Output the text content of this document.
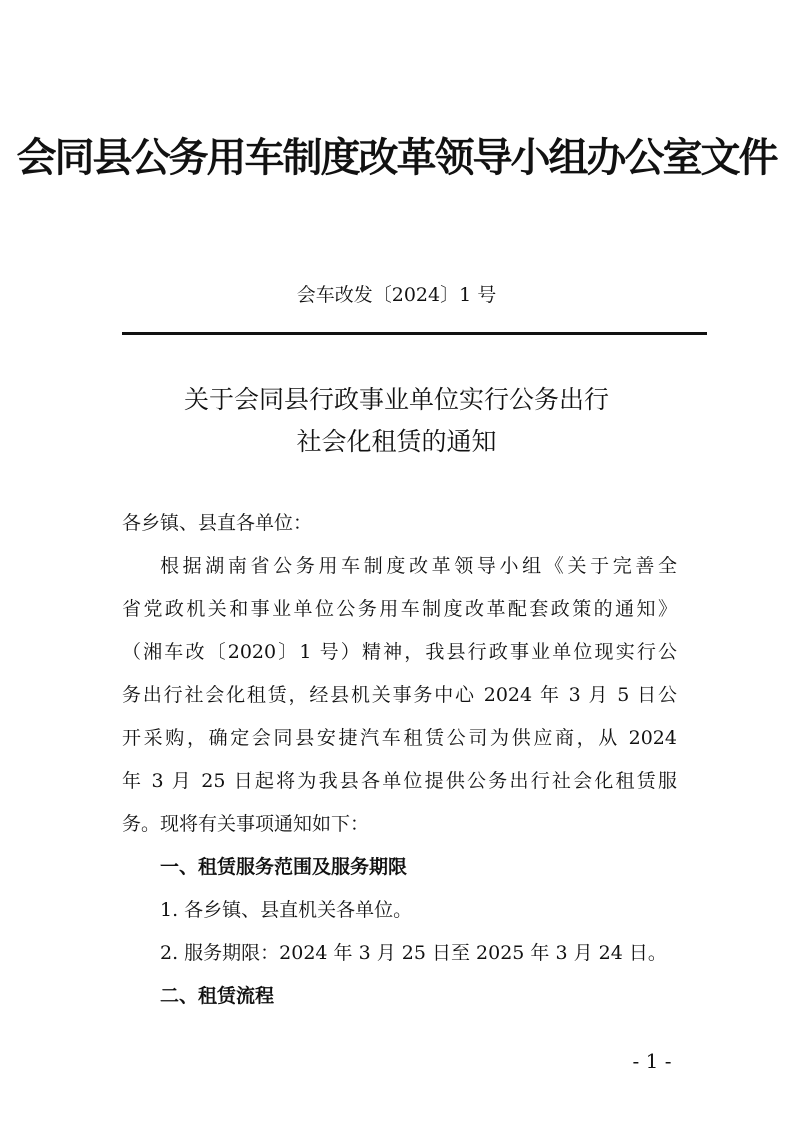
会同县公务用车制度改革领导小组办公室文件
会车改发〔2024〕1 号
关于会同县行政事业单位实行公务出行
社会化租赁的通知
各乡镇、县直各单位：
根据湖南省公务用车制度改革领导小组《关于完善全
省党政机关和事业单位公务用车制度改革配套政策的通知》
（湘车改〔2020〕1 号）精神，我县行政事业单位现实行公
务出行社会化租赁，经县机关事务中心 2024 年 3 月 5 日公
开采购，确定会同县安捷汽车租赁公司为供应商，从 2024
年 3 月 25 日起将为我县各单位提供公务出行社会化租赁服
务。现将有关事项通知如下：
一、租赁服务范围及服务期限
1. 各乡镇、县直机关各单位。
2. 服务期限：2024 年 3 月 25 日至 2025 年 3 月 24 日。
二、租赁流程
- 1 -
